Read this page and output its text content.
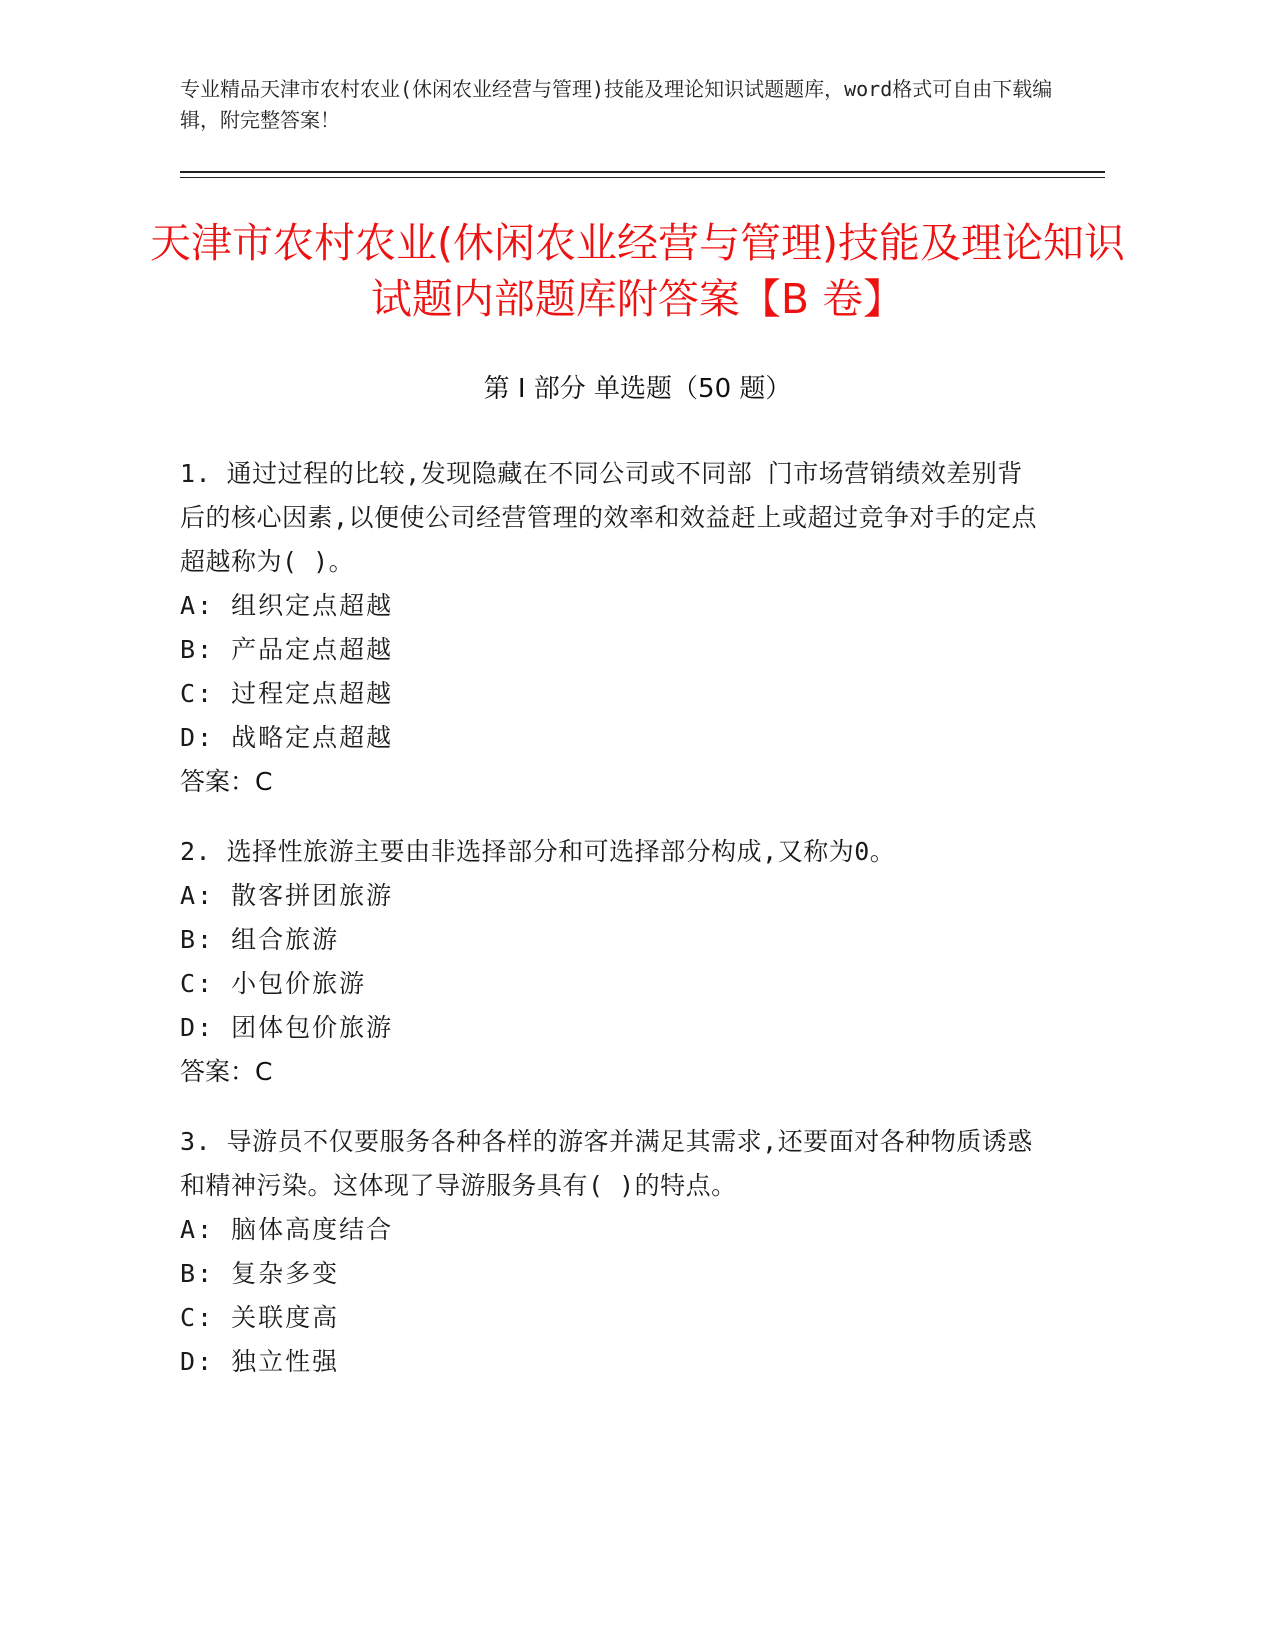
专业精品天津市农村农业(休闲农业经营与管理)技能及理论知识试题题库，word格式可自由下载编辑，附完整答案！
天津市农村农业(休闲农业经营与管理)技能及理论知识试题内部题库附答案【B 卷】
第 I 部分 单选题（50 题）
1. 通过过程的比较,发现隐藏在不同公司或不同部 门市场营销绩效差别背后的核心因素,以便使公司经营管理的效率和效益赶上或超过竞争对手的定点超越称为( )。
A: 组织定点超越
B: 产品定点超越
C: 过程定点超越
D: 战略定点超越
答案：C
2. 选择性旅游主要由非选择部分和可选择部分构成,又称为0。
A: 散客拼团旅游
B: 组合旅游
C: 小包价旅游
D: 团体包价旅游
答案：C
3. 导游员不仅要服务各种各样的游客并满足其需求,还要面对各种物质诱惑和精神污染。这体现了导游服务具有( )的特点。
A: 脑体高度结合
B: 复杂多变
C: 关联度高
D: 独立性强
